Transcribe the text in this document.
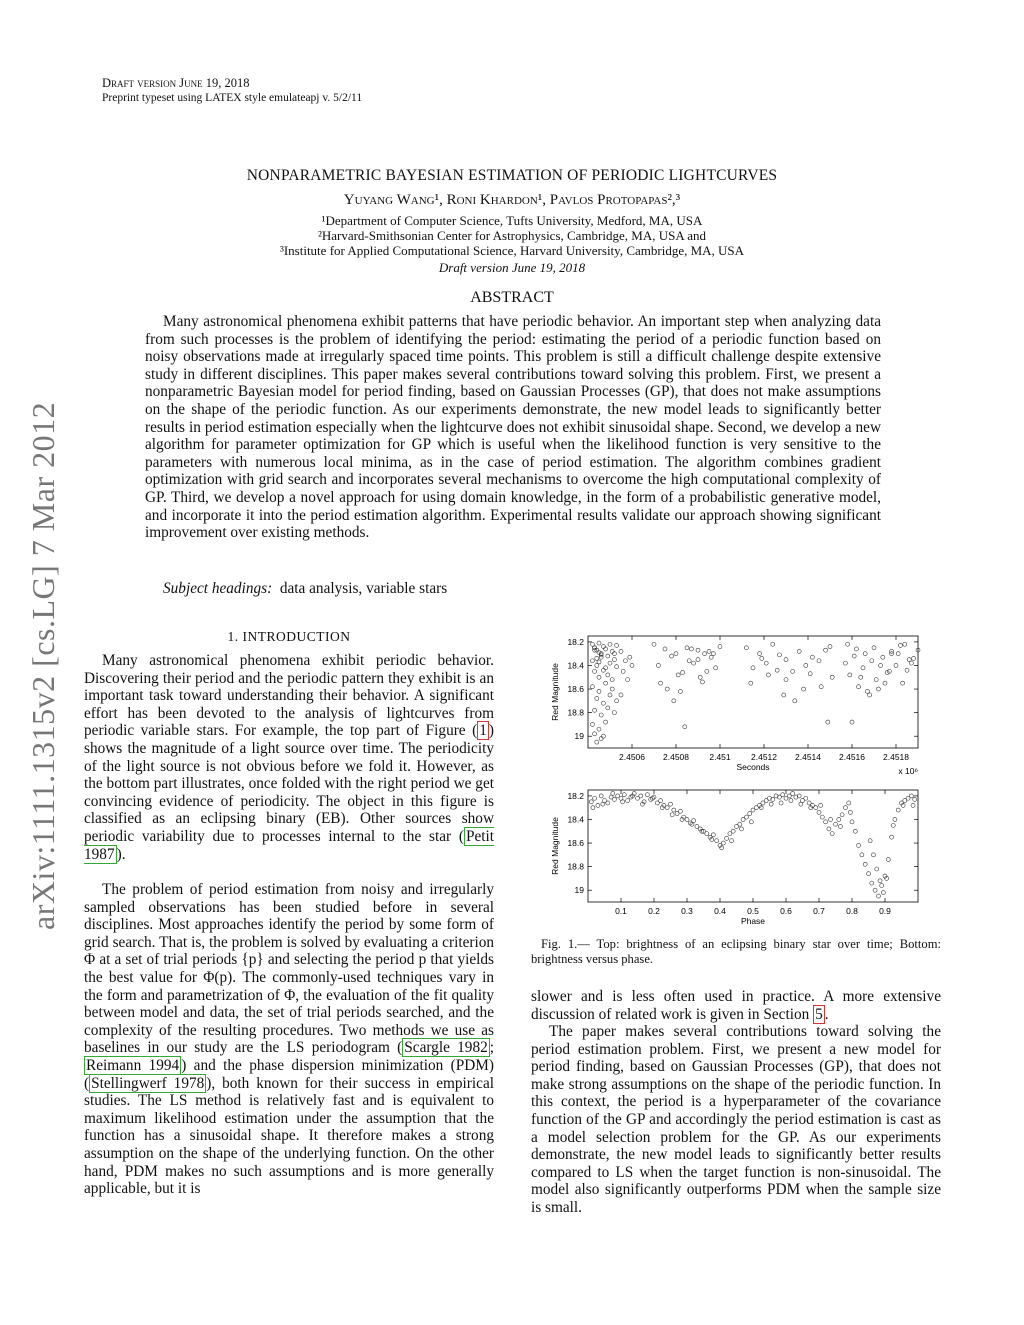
arXiv:1111.1315v2 [cs.LG] 7 Mar 2012
Draft version June 19, 2018
Preprint typeset using LATEX style emulateapj v. 5/2/11
NONPARAMETRIC BAYESIAN ESTIMATION OF PERIODIC LIGHTCURVES
Yuyang Wang¹, Roni Khardon¹, Pavlos Protopapas²,³
¹Department of Computer Science, Tufts University, Medford, MA, USA
²Harvard-Smithsonian Center for Astrophysics, Cambridge, MA, USA and
³Institute for Applied Computational Science, Harvard University, Cambridge, MA, USA
Draft version June 19, 2018
ABSTRACT
Many astronomical phenomena exhibit patterns that have periodic behavior. An important step when analyzing data from such processes is the problem of identifying the period: estimating the period of a periodic function based on noisy observations made at irregularly spaced time points. This problem is still a difficult challenge despite extensive study in different disciplines. This paper makes several contributions toward solving this problem. First, we present a nonparametric Bayesian model for period finding, based on Gaussian Processes (GP), that does not make assumptions on the shape of the periodic function. As our experiments demonstrate, the new model leads to significantly better results in period estimation especially when the lightcurve does not exhibit sinusoidal shape. Second, we develop a new algorithm for parameter optimization for GP which is useful when the likelihood function is very sensitive to the parameters with numerous local minima, as in the case of period estimation. The algorithm combines gradient optimization with grid search and incorporates several mechanisms to overcome the high computational complexity of GP. Third, we develop a novel approach for using domain knowledge, in the form of a probabilistic generative model, and incorporate it into the period estimation algorithm. Experimental results validate our approach showing significant improvement over existing methods.
Subject headings: data analysis, variable stars
1. INTRODUCTION
Many astronomical phenomena exhibit periodic behavior. Discovering their period and the periodic pattern they exhibit is an important task toward understanding their behavior. A significant effort has been devoted to the analysis of lightcurves from periodic variable stars. For example, the top part of Figure ( 1 ) shows the magnitude of a light source over time. The periodicity of the light source is not obvious before we fold it. However, as the bottom part illustrates, once folded with the right period we get convincing evidence of periodicity. The object in this figure is classified as an eclipsing binary (EB). Other sources show periodic variability due to processes internal to the star ( Petit 1987 ).
The problem of period estimation from noisy and irregularly sampled observations has been studied before in several disciplines. Most approaches identify the period by some form of grid search. That is, the problem is solved by evaluating a criterion Φ at a set of trial periods {p} and selecting the period p that yields the best value for Φ(p). The commonly-used techniques vary in the form and parametrization of Φ, the evaluation of the fit quality between model and data, the set of trial periods searched, and the complexity of the resulting procedures. Two methods we use as baselines in our study are the LS periodogram ( Scargle 1982 ; Reimann 1994 ) and the phase dispersion minimization (PDM) ( Stellingwerf 1978 ), both known for their success in empirical studies. The LS method is relatively fast and is equivalent to maximum likelihood estimation under the assumption that the function has a sinusoidal shape. It therefore makes a strong assumption on the shape of the underlying function. On the other hand, PDM makes no such assumptions and is more generally applicable, but it is
2.4506 2.4508 2.451 2.4512 2.4514 2.4516 2.4518
18.2
18.4
18.6
18.8
19
Seconds
Red Magnitude
x 10⁶
0.1 0.2 0.3 0.4 0.5 0.6 0.7 0.8 0.9
18.2
18.4
18.6
18.8
19
Phase
Red Magnitude
Fig. 1.— Top: brightness of an eclipsing binary star over time; Bottom: brightness versus phase.
slower and is less often used in practice. A more extensive discussion of related work is given in Section 5 .
The paper makes several contributions toward solving the period estimation problem. First, we present a new model for period finding, based on Gaussian Processes (GP), that does not make strong assumptions on the shape of the periodic function. In this context, the period is a hyperparameter of the covariance function of the GP and accordingly the period estimation is cast as a model selection problem for the GP. As our experiments demonstrate, the new model leads to significantly better results compared to LS when the target function is non-sinusoidal. The model also significantly outperforms PDM when the sample size is small.
